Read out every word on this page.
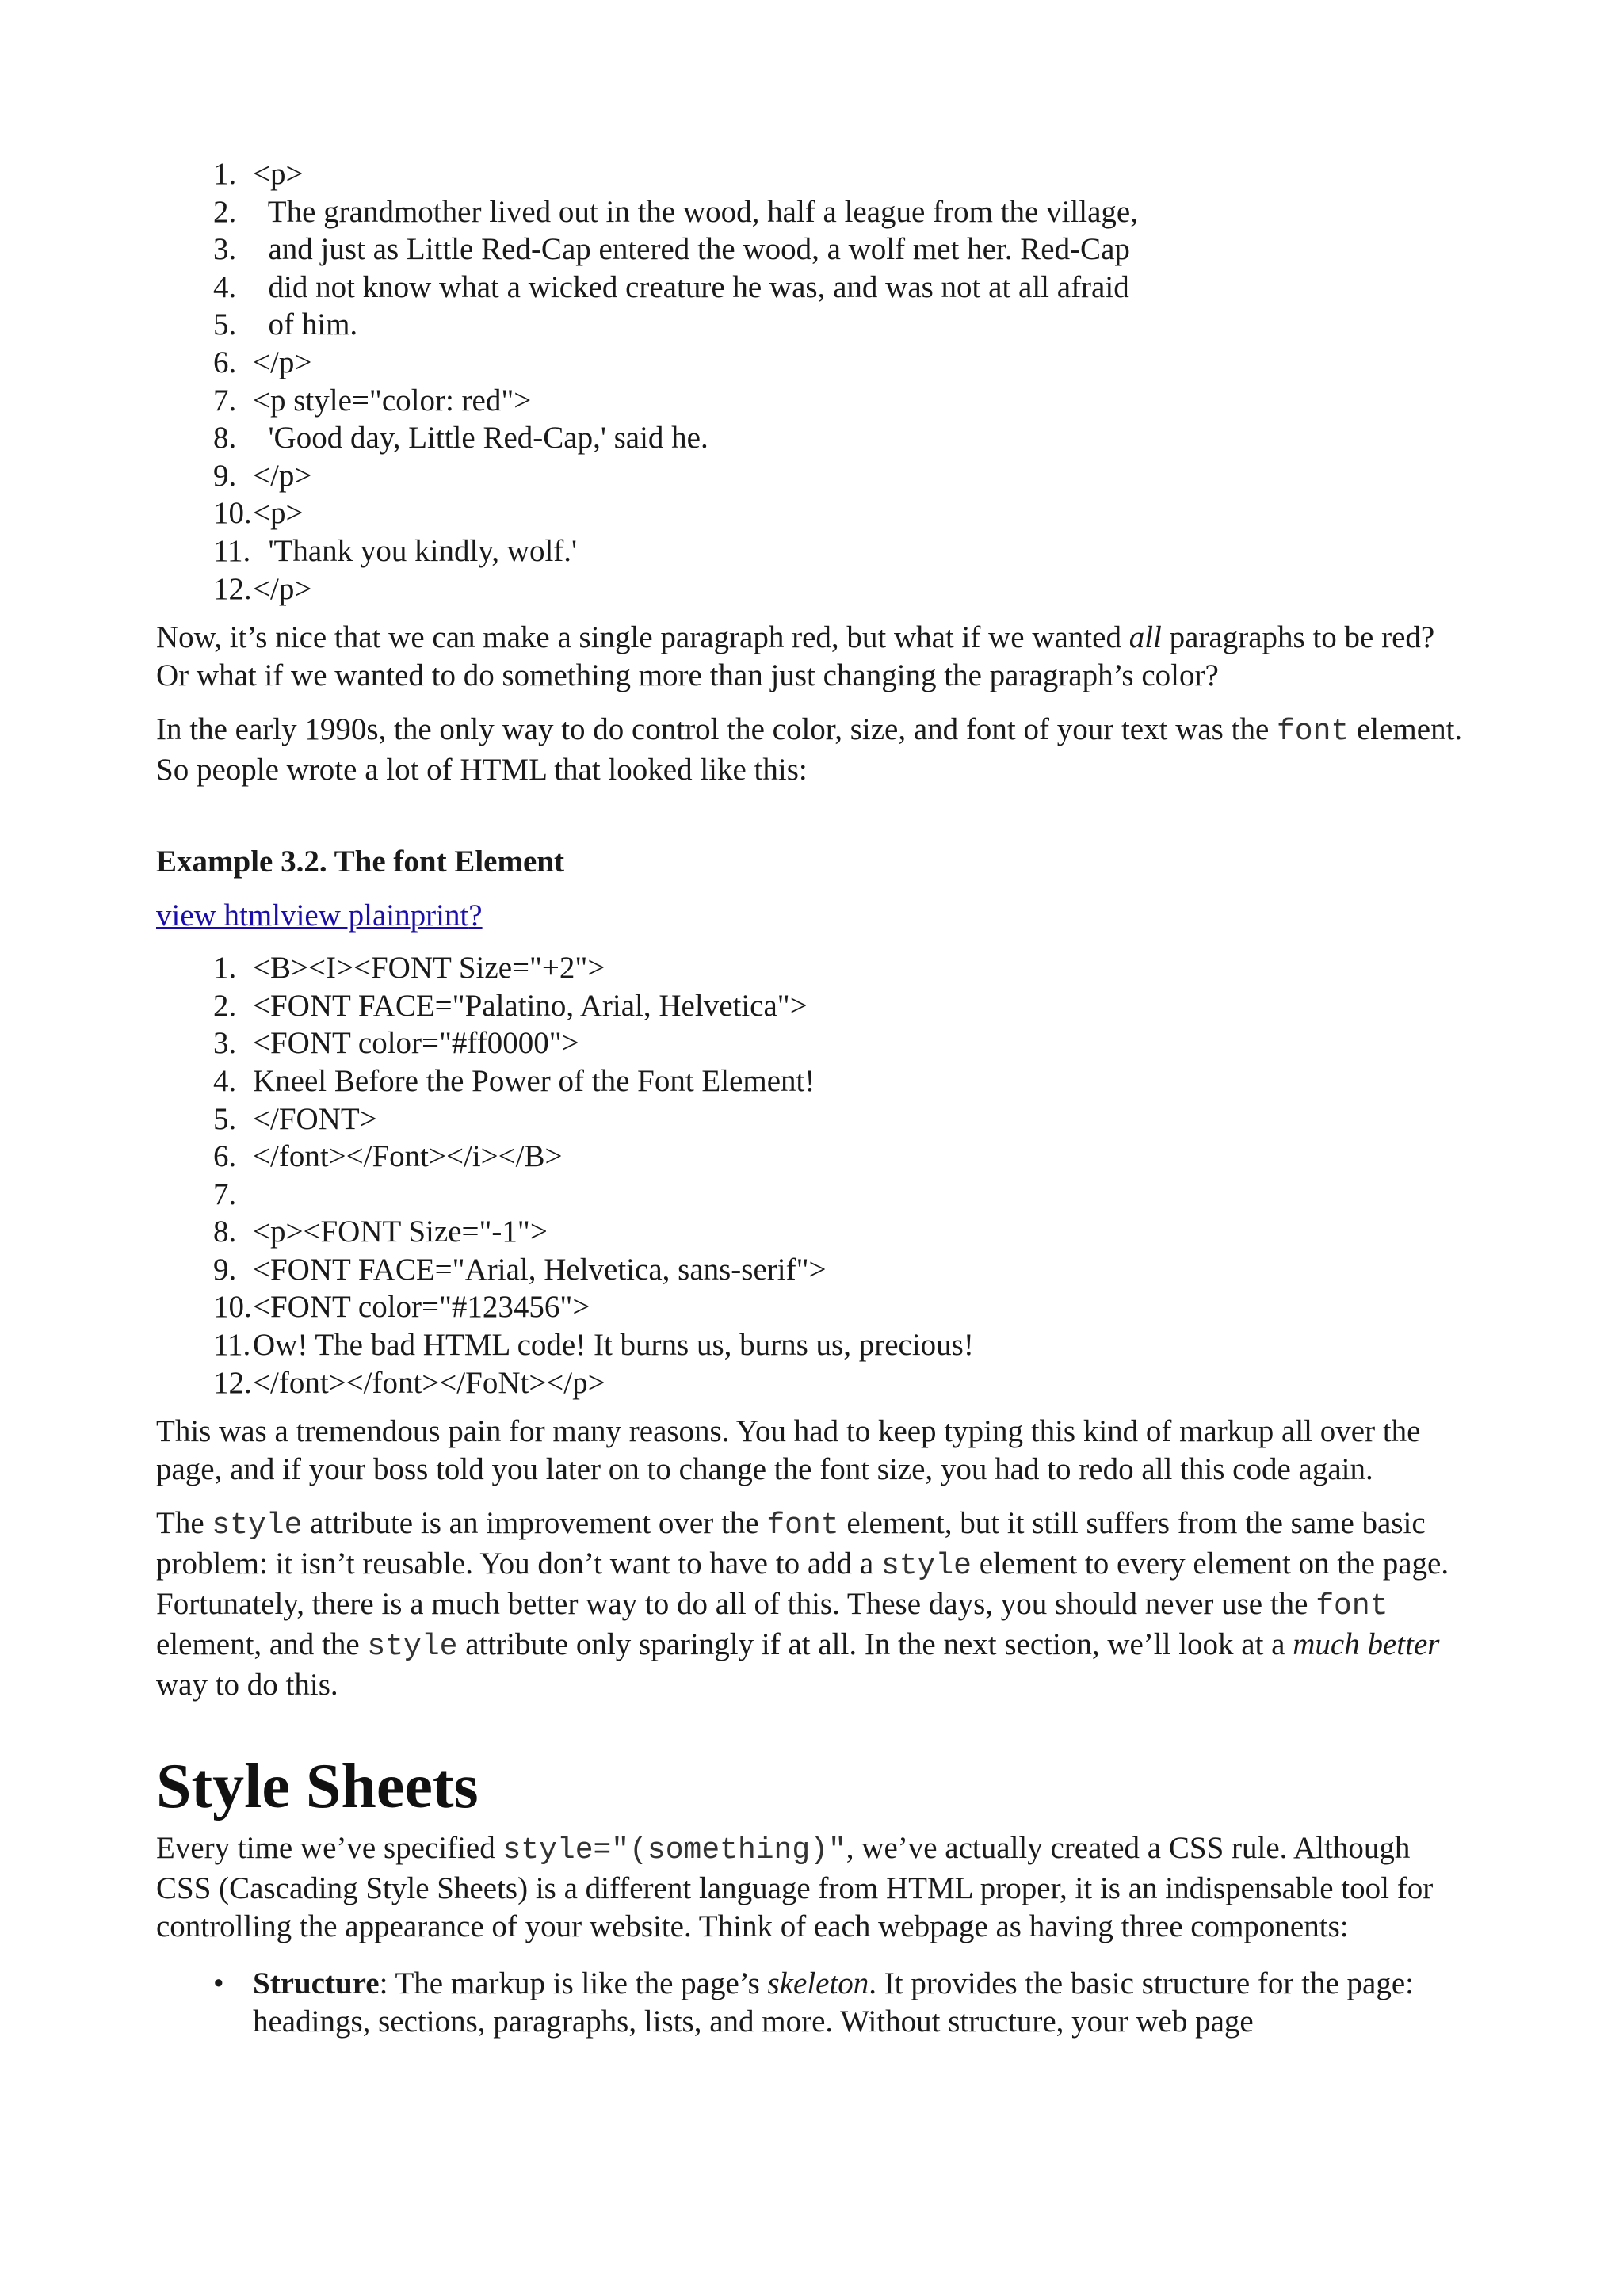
1. <p>
2. The grandmother lived out in the wood, half a league from the village,
3. and just as Little Red-Cap entered the wood, a wolf met her. Red-Cap
4. did not know what a wicked creature he was, and was not at all afraid
5. of him.
6. </p>
7. <p style="color: red">
8. 'Good day, Little Red-Cap,' said he.
9. </p>
10. <p>
11. 'Thank you kindly, wolf.'
12. </p>

Now, it’s nice that we can make a single paragraph red, but what if we wanted all paragraphs to be red? Or what if we wanted to do something more than just changing the paragraph’s color?

In the early 1990s, the only way to do control the color, size, and font of your text was the font element. So people wrote a lot of HTML that looked like this:

Example 3.2. The font Element

view htmlview plainprint?

1. <B><I><FONT Size="+2">
2. <FONT FACE="Palatino, Arial, Helvetica">
3. <FONT color="#ff0000">
4. Kneel Before the Power of the Font Element!
5. </FONT>
6. </font></Font></i></B>
7.
8. <p><FONT Size="-1">
9. <FONT FACE="Arial, Helvetica, sans-serif">
10. <FONT color="#123456">
11. Ow! The bad HTML code! It burns us, burns us, precious!
12. </font></font></FoNt></p>

This was a tremendous pain for many reasons. You had to keep typing this kind of markup all over the page, and if your boss told you later on to change the font size, you had to redo all this code again.

The style attribute is an improvement over the font element, but it still suffers from the same basic problem: it isn’t reusable. You don’t want to have to add a style element to every element on the page. Fortunately, there is a much better way to do all of this. These days, you should never use the font element, and the style attribute only sparingly if at all. In the next section, we’ll look at a much better way to do this.

Style Sheets

Every time we’ve specified style="(something)", we’ve actually created a CSS rule. Although CSS (Cascading Style Sheets) is a different language from HTML proper, it is an indispensable tool for controlling the appearance of your website. Think of each webpage as having three components:

• Structure: The markup is like the page’s skeleton. It provides the basic structure for the page: headings, sections, paragraphs, lists, and more. Without structure, your web page
